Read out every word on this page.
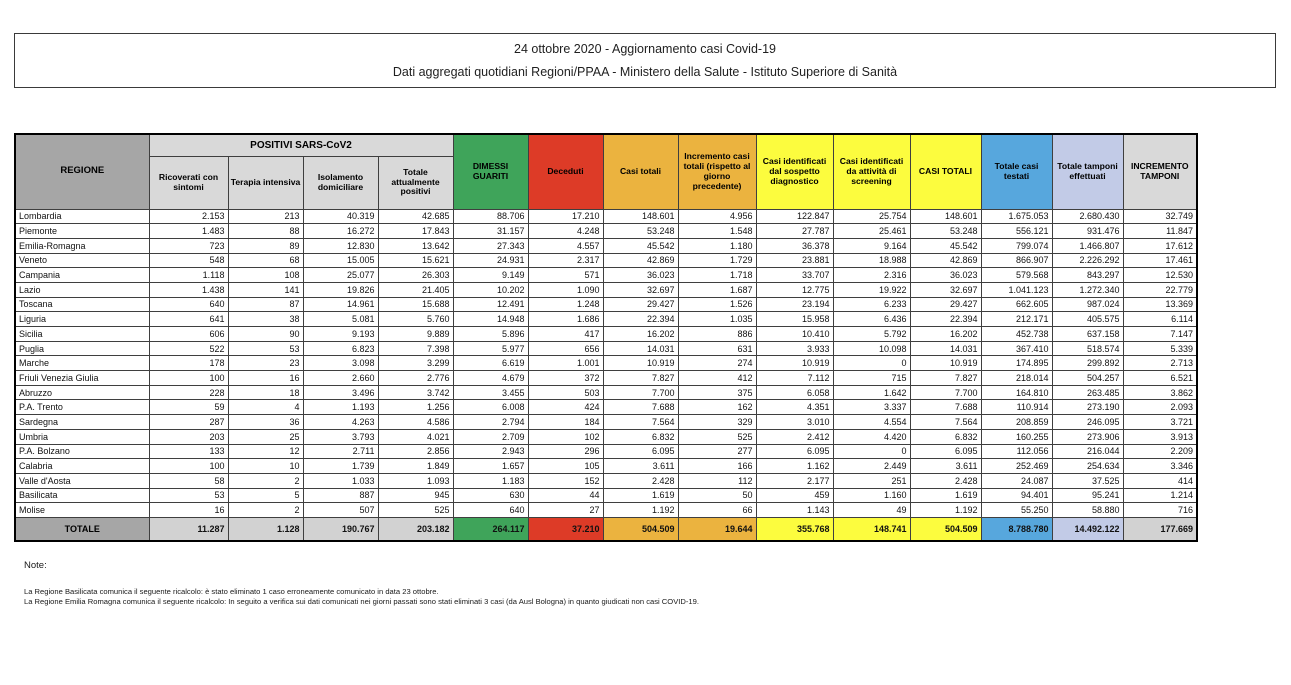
24 ottobre 2020 - Aggiornamento casi Covid-19
Dati aggregati quotidiani Regioni/PPAA - Ministero della Salute - Istituto Superiore di Sanità
REGIONE	POSITIVI SARS-CoV2				DIMESSI GUARITI	Deceduti	Casi totali	Incremento casi totali (rispetto al giorno precedente)	Casi identificati dal sospetto diagnostico	Casi identificati da attività di screening	CASI TOTALI	Totale casi testati	Totale tamponi effettuati	INCREMENTO TAMPONI
	Ricoverati con sintomi	Terapia intensiva	Isolamento domiciliare	Totale attualmente positivi										
Lombardia	2.153	213	40.319	42.685	88.706	17.210	148.601	4.956	122.847	25.754	148.601	1.675.053	2.680.430	32.749
Piemonte	1.483	88	16.272	17.843	31.157	4.248	53.248	1.548	27.787	25.461	53.248	556.121	931.476	11.847
Emilia-Romagna	723	89	12.830	13.642	27.343	4.557	45.542	1.180	36.378	9.164	45.542	799.074	1.466.807	17.612
Veneto	548	68	15.005	15.621	24.931	2.317	42.869	1.729	23.881	18.988	42.869	866.907	2.226.292	17.461
Campania	1.118	108	25.077	26.303	9.149	571	36.023	1.718	33.707	2.316	36.023	579.568	843.297	12.530
Lazio	1.438	141	19.826	21.405	10.202	1.090	32.697	1.687	12.775	19.922	32.697	1.041.123	1.272.340	22.779
Toscana	640	87	14.961	15.688	12.491	1.248	29.427	1.526	23.194	6.233	29.427	662.605	987.024	13.369
Liguria	641	38	5.081	5.760	14.948	1.686	22.394	1.035	15.958	6.436	22.394	212.171	405.575	6.114
Sicilia	606	90	9.193	9.889	5.896	417	16.202	886	10.410	5.792	16.202	452.738	637.158	7.147
Puglia	522	53	6.823	7.398	5.977	656	14.031	631	3.933	10.098	14.031	367.410	518.574	5.339
Marche	178	23	3.098	3.299	6.619	1.001	10.919	274	10.919	0	10.919	174.895	299.892	2.713
Friuli Venezia Giulia	100	16	2.660	2.776	4.679	372	7.827	412	7.112	715	7.827	218.014	504.257	6.521
Abruzzo	228	18	3.496	3.742	3.455	503	7.700	375	6.058	1.642	7.700	164.810	263.485	3.862
P.A. Trento	59	4	1.193	1.256	6.008	424	7.688	162	4.351	3.337	7.688	110.914	273.190	2.093
Sardegna	287	36	4.263	4.586	2.794	184	7.564	329	3.010	4.554	7.564	208.859	246.095	3.721
Umbria	203	25	3.793	4.021	2.709	102	6.832	525	2.412	4.420	6.832	160.255	273.906	3.913
P.A. Bolzano	133	12	2.711	2.856	2.943	296	6.095	277	6.095	0	6.095	112.056	216.044	2.209
Calabria	100	10	1.739	1.849	1.657	105	3.611	166	1.162	2.449	3.611	252.469	254.634	3.346
Valle d'Aosta	58	2	1.033	1.093	1.183	152	2.428	112	2.177	251	2.428	24.087	37.525	414
Basilicata	53	5	887	945	630	44	1.619	50	459	1.160	1.619	94.401	95.241	1.214
Molise	16	2	507	525	640	27	1.192	66	1.143	49	1.192	55.250	58.880	716
TOTALE	11.287	1.128	190.767	203.182	264.117	37.210	504.509	19.644	355.768	148.741	504.509	8.788.780	14.492.122	177.669
Note:
La Regione Basilicata comunica il seguente ricalcolo: è stato eliminato 1 caso erroneamente comunicato in data 23 ottobre.
La Regione Emilia Romagna comunica il seguente ricalcolo: In seguito a verifica sui dati comunicati nei giorni passati sono stati eliminati 3 casi (da Ausl Bologna) in quanto giudicati non casi COVID-19.
